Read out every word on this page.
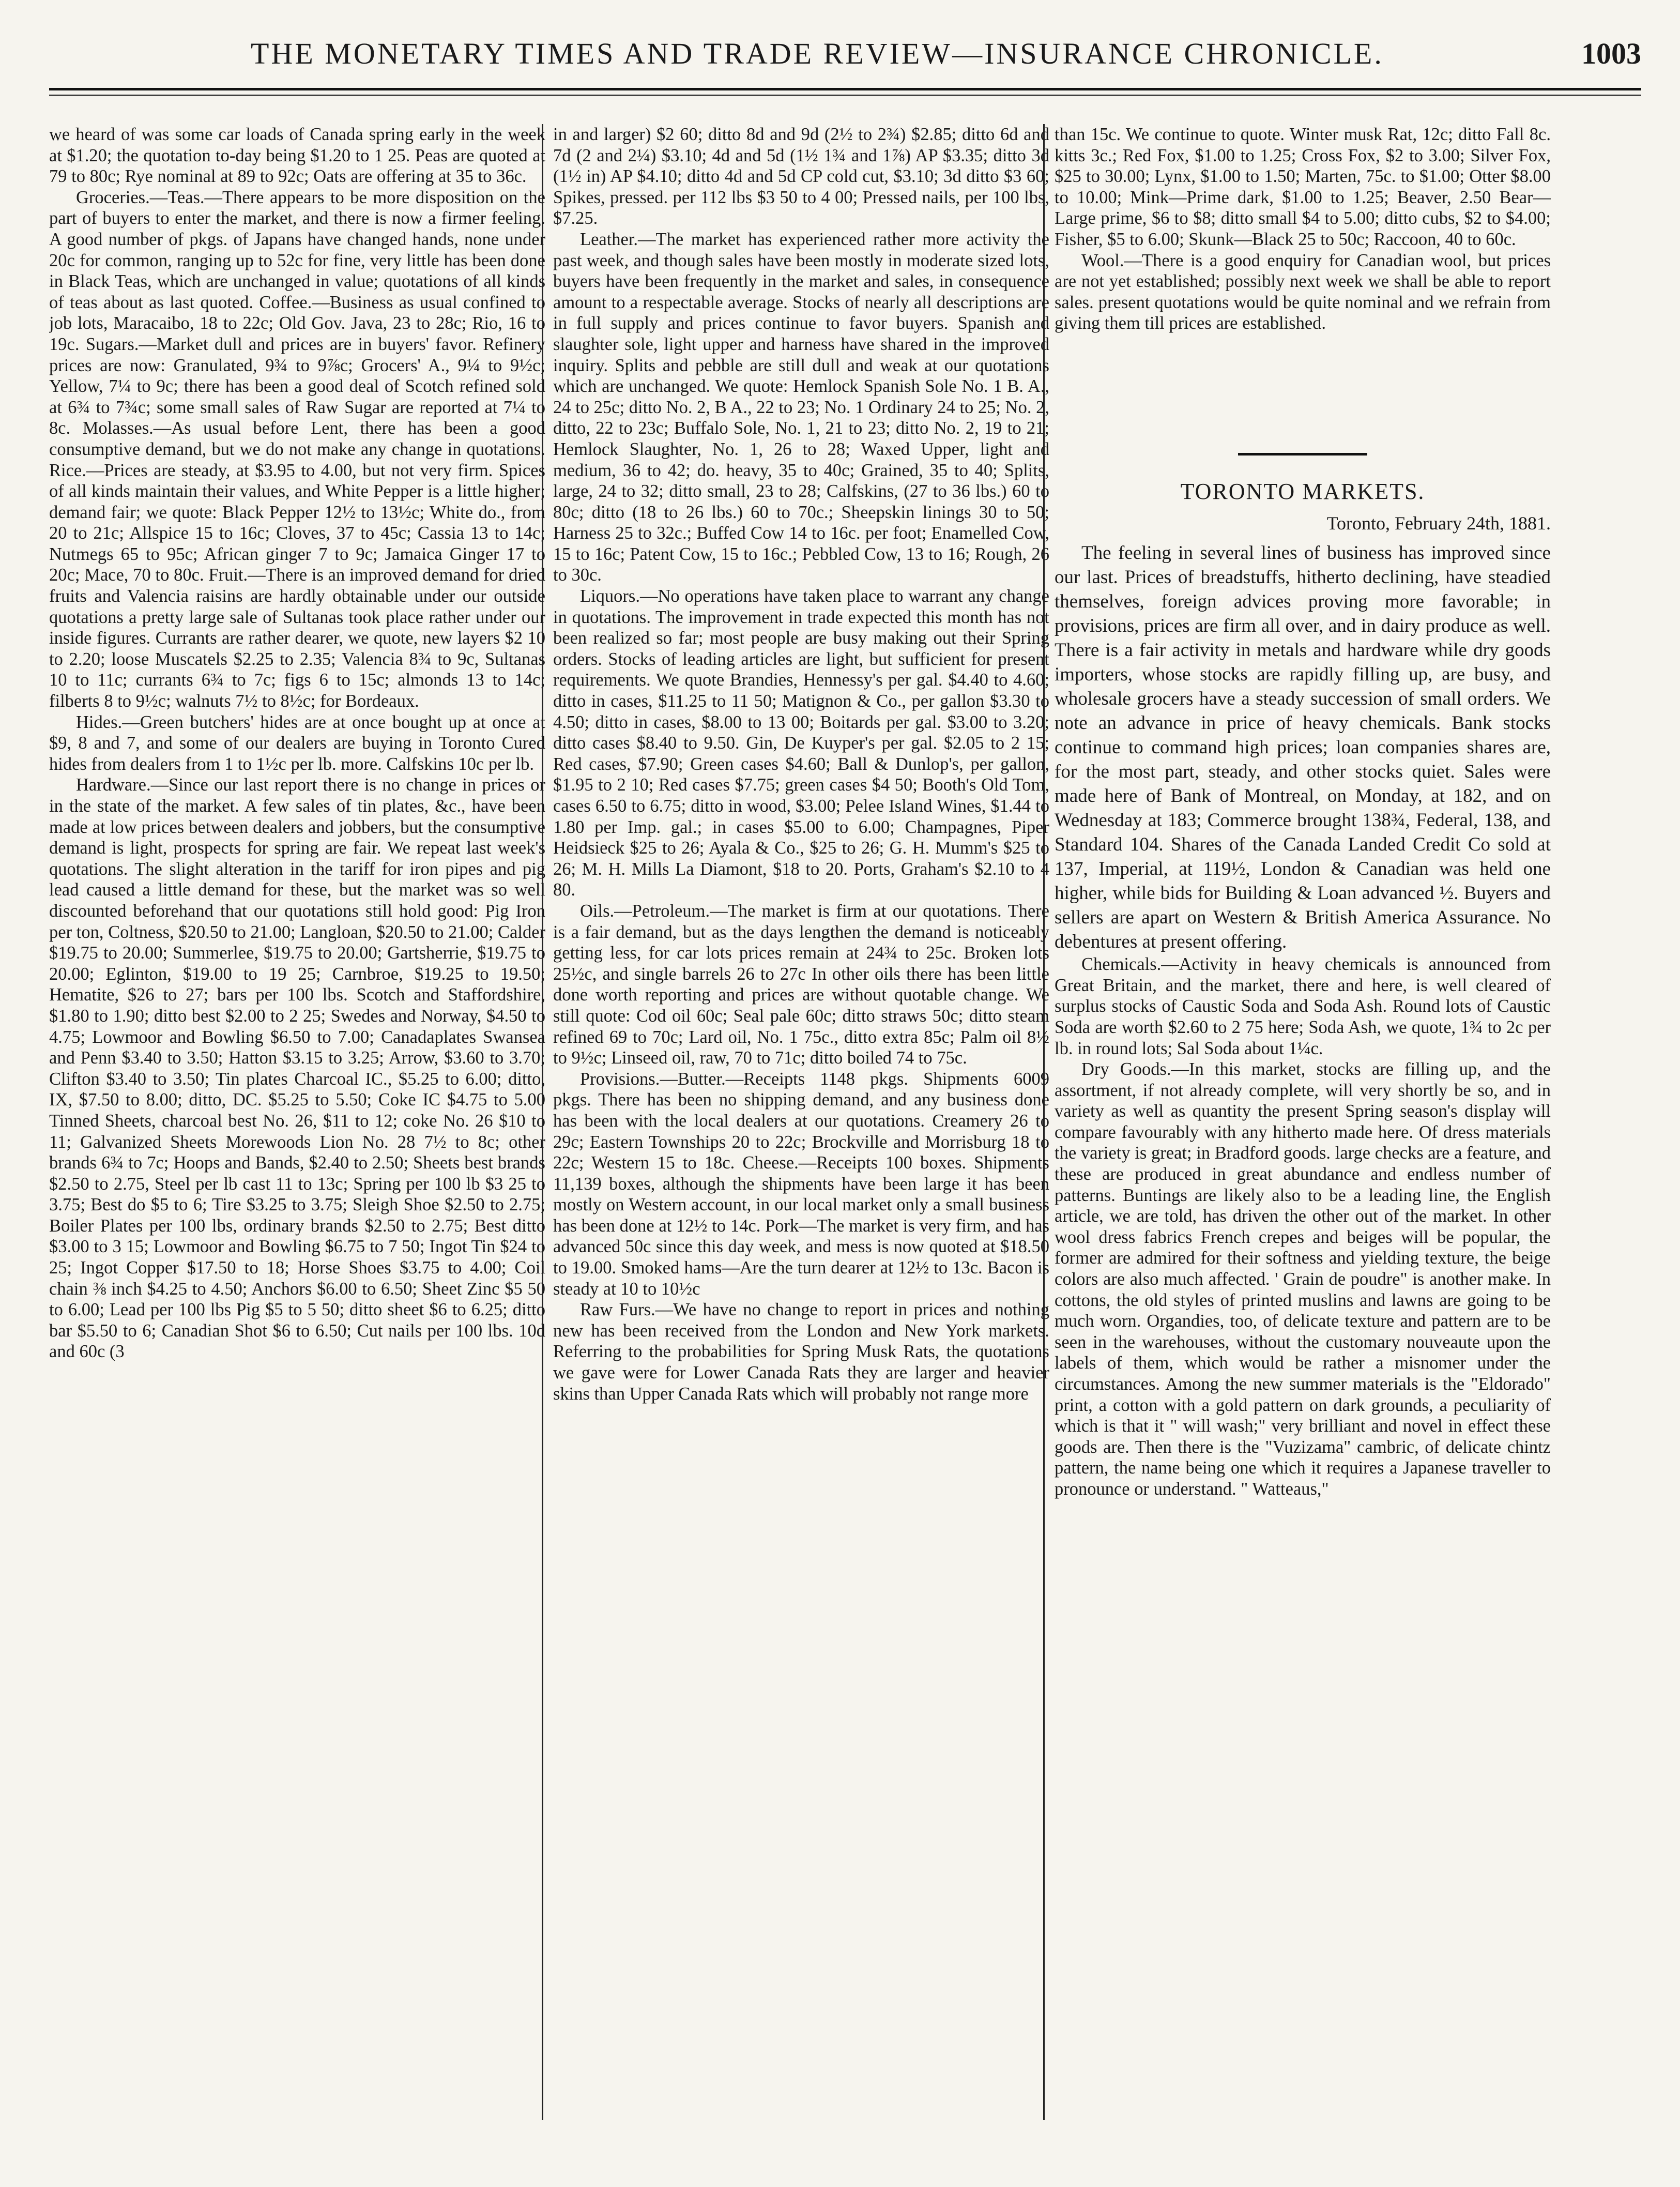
THE MONETARY TIMES AND TRADE REVIEW—INSURANCE CHRONICLE.	1003

we heard of was some car loads of Canada spring early in the week at $1.20; the quotation to-day being $1.20 to 1 25. Peas are quoted at 79 to 80c; Rye nominal at 89 to 92c; Oats are offering at 35 to 36c.

Groceries.—Teas.—There appears to be more disposition on the part of buyers to enter the market, and there is now a firmer feeling. A good number of pkgs. of Japans have changed hands, none under 20c for common, ranging up to 52c for fine, very little has been done in Black Teas, which are unchanged in value; quotations of all kinds of teas about as last quoted. Coffee.—Business as usual confined to job lots, Maracaibo, 18 to 22c; Old Gov. Java, 23 to 28c; Rio, 16 to 19c. Sugars.—Market dull and prices are in buyers' favor. Refinery prices are now: Granulated, 9¾ to 9⅞c; Grocers' A., 9¼ to 9½c; Yellow, 7¼ to 9c; there has been a good deal of Scotch refined sold at 6¾ to 7¾c; some small sales of Raw Sugar are reported at 7¼ to 8c. Molasses.—As usual before Lent, there has been a good consumptive demand, but we do not make any change in quotations. Rice.—Prices are steady, at $3.95 to 4.00, but not very firm. Spices of all kinds maintain their values, and White Pepper is a little higher; demand fair; we quote: Black Pepper 12½ to 13½c; White do., from 20 to 21c; Allspice 15 to 16c; Cloves, 37 to 45c; Cassia 13 to 14c; Nutmegs 65 to 95c; African ginger 7 to 9c; Jamaica Ginger 17 to 20c; Mace, 70 to 80c. Fruit.—There is an improved demand for dried fruits and Valencia raisins are hardly obtainable under our outside quotations a pretty large sale of Sultanas took place rather under our inside figures. Currants are rather dearer, we quote, new layers $2 10 to 2.20; loose Muscatels $2.25 to 2.35; Valencia 8¾ to 9c, Sultanas 10 to 11c; currants 6¾ to 7c; figs 6 to 15c; almonds 13 to 14c; filberts 8 to 9½c; walnuts 7½ to 8½c; for Bordeaux.

Hides.—Green butchers' hides are at once bought up at once at $9, 8 and 7, and some of our dealers are buying in Toronto Cured hides from dealers from 1 to 1½c per lb. more. Calfskins 10c per lb.

Hardware.—Since our last report there is no change in prices or in the state of the market. A few sales of tin plates, &c., have been made at low prices between dealers and jobbers, but the consumptive demand is light, prospects for spring are fair. We repeat last week's quotations. The slight alteration in the tariff for iron pipes and pig lead caused a little demand for these, but the market was so well discounted beforehand that our quotations still hold good: Pig Iron per ton, Coltness, $20.50 to 21.00; Langloan, $20.50 to 21.00; Calder $19.75 to 20.00; Summerlee, $19.75 to 20.00; Gartsherrie, $19.75 to 20.00; Eglinton, $19.00 to 19 25; Carnbroe, $19.25 to 19.50; Hematite, $26 to 27; bars per 100 lbs. Scotch and Staffordshire, $1.80 to 1.90; ditto best $2.00 to 2 25; Swedes and Norway, $4.50 to 4.75; Lowmoor and Bowling $6.50 to 7.00; Canadaplates Swansea and Penn $3.40 to 3.50; Hatton $3.15 to 3.25; Arrow, $3.60 to 3.70; Clifton $3.40 to 3.50; Tin plates Charcoal IC., $5.25 to 6.00; ditto, IX, $7.50 to 8.00; ditto, DC. $5.25 to 5.50; Coke IC $4.75 to 5.00 Tinned Sheets, charcoal best No. 26, $11 to 12; coke No. 26 $10 to 11; Galvanized Sheets Morewoods Lion No. 28 7½ to 8c; other brands 6¾ to 7c; Hoops and Bands, $2.40 to 2.50; Sheets best brands $2.50 to 2.75, Steel per lb cast 11 to 13c; Spring per 100 lb $3 25 to 3.75; Best do $5 to 6; Tire $3.25 to 3.75; Sleigh Shoe $2.50 to 2.75; Boiler Plates per 100 lbs, ordinary brands $2.50 to 2.75; Best ditto $3.00 to 3 15; Lowmoor and Bowling $6.75 to 7 50; Ingot Tin $24 to 25; Ingot Copper $17.50 to 18; Horse Shoes $3.75 to 4.00; Coil chain ⅜ inch $4.25 to 4.50; Anchors $6.00 to 6.50; Sheet Zinc $5 50 to 6.00; Lead per 100 lbs Pig $5 to 5 50; ditto sheet $6 to 6.25; ditto bar $5.50 to 6; Canadian Shot $6 to 6.50; Cut nails per 100 lbs. 10d and 60c (3

in and larger) $2 60; ditto 8d and 9d (2½ to 2¾) $2.85; ditto 6d and 7d (2 and 2¼) $3.10; 4d and 5d (1½ 1¾ and 1⅞) AP $3.35; ditto 3d (1½ in) AP $4.10; ditto 4d and 5d CP cold cut, $3.10; 3d ditto $3 60; Spikes, pressed. per 112 lbs $3 50 to 4 00; Pressed nails, per 100 lbs, $7.25.

Leather.—The market has experienced rather more activity the past week, and though sales have been mostly in moderate sized lots, buyers have been frequently in the market and sales, in consequence amount to a respectable average. Stocks of nearly all descriptions are in full supply and prices continue to favor buyers. Spanish and slaughter sole, light upper and harness have shared in the improved inquiry. Splits and pebble are still dull and weak at our quotations which are unchanged. We quote: Hemlock Spanish Sole No. 1 B. A., 24 to 25c; ditto No. 2, B A., 22 to 23; No. 1 Ordinary 24 to 25; No. 2, ditto, 22 to 23c; Buffalo Sole, No. 1, 21 to 23; ditto No. 2, 19 to 21; Hemlock Slaughter, No. 1, 26 to 28; Waxed Upper, light and medium, 36 to 42; do. heavy, 35 to 40c; Grained, 35 to 40; Splits, large, 24 to 32; ditto small, 23 to 28; Calfskins, (27 to 36 lbs.) 60 to 80c; ditto (18 to 26 lbs.) 60 to 70c.; Sheepskin linings 30 to 50; Harness 25 to 32c.; Buffed Cow 14 to 16c. per foot; Enamelled Cow, 15 to 16c; Patent Cow, 15 to 16c.; Pebbled Cow, 13 to 16; Rough, 26 to 30c.

Liquors.—No operations have taken place to warrant any change in quotations. The improvement in trade expected this month has not been realized so far; most people are busy making out their Spring orders. Stocks of leading articles are light, but sufficient for present requirements. We quote Brandies, Hennessy's per gal. $4.40 to 4.60; ditto in cases, $11.25 to 11 50; Matignon & Co., per gallon $3.30 to 4.50; ditto in cases, $8.00 to 13 00; Boitards per gal. $3.00 to 3.20; ditto cases $8.40 to 9.50. Gin, De Kuyper's per gal. $2.05 to 2 15; Red cases, $7.90; Green cases $4.60; Ball & Dunlop's, per gallon, $1.95 to 2 10; Red cases $7.75; green cases $4 50; Booth's Old Tom, cases 6.50 to 6.75; ditto in wood, $3.00; Pelee Island Wines, $1.44 to 1.80 per Imp. gal.; in cases $5.00 to 6.00; Champagnes, Piper Heidsieck $25 to 26; Ayala & Co., $25 to 26; G. H. Mumm's $25 to 26; M. H. Mills La Diamont, $18 to 20. Ports, Graham's $2.10 to 4 80.

Oils.—Petroleum.—The market is firm at our quotations. There is a fair demand, but as the days lengthen the demand is noticeably getting less, for car lots prices remain at 24¾ to 25c. Broken lots 25½c, and single barrels 26 to 27c In other oils there has been little done worth reporting and prices are without quotable change. We still quote: Cod oil 60c; Seal pale 60c; ditto straws 50c; ditto steam refined 69 to 70c; Lard oil, No. 1 75c., ditto extra 85c; Palm oil 8½ to 9½c; Linseed oil, raw, 70 to 71c; ditto boiled 74 to 75c.

Provisions.—Butter.—Receipts 1148 pkgs. Shipments 6009 pkgs. There has been no shipping demand, and any business done has been with the local dealers at our quotations. Creamery 26 to 29c; Eastern Townships 20 to 22c; Brockville and Morrisburg 18 to 22c; Western 15 to 18c. Cheese.—Receipts 100 boxes. Shipments 11,139 boxes, although the shipments have been large it has been mostly on Western account, in our local market only a small business has been done at 12½ to 14c. Pork—The market is very firm, and has advanced 50c since this day week, and mess is now quoted at $18.50 to 19.00. Smoked hams—Are the turn dearer at 12½ to 13c. Bacon is steady at 10 to 10½c

Raw Furs.—We have no change to report in prices and nothing new has been received from the London and New York markets. Referring to the probabilities for Spring Musk Rats, the quotations we gave were for Lower Canada Rats they are larger and heavier skins than Upper Canada Rats which will probably not range more

than 15c. We continue to quote. Winter musk Rat, 12c; ditto Fall 8c. kitts 3c.; Red Fox, $1.00 to 1.25; Cross Fox, $2 to 3.00; Silver Fox, $25 to 30.00; Lynx, $1.00 to 1.50; Marten, 75c. to $1.00; Otter $8.00 to 10.00; Mink—Prime dark, $1.00 to 1.25; Beaver, 2.50 Bear—Large prime, $6 to $8; ditto small $4 to 5.00; ditto cubs, $2 to $4.00; Fisher, $5 to 6.00; Skunk—Black 25 to 50c; Raccoon, 40 to 60c.

Wool.—There is a good enquiry for Canadian wool, but prices are not yet established; possibly next week we shall be able to report sales. present quotations would be quite nominal and we refrain from giving them till prices are established.

TORONTO MARKETS.
Toronto, February 24th, 1881.

The feeling in several lines of business has improved since our last. Prices of breadstuffs, hitherto declining, have steadied themselves, foreign advices proving more favorable; in provisions, prices are firm all over, and in dairy produce as well. There is a fair activity in metals and hardware while dry goods importers, whose stocks are rapidly filling up, are busy, and wholesale grocers have a steady succession of small orders. We note an advance in price of heavy chemicals. Bank stocks continue to command high prices; loan companies shares are, for the most part, steady, and other stocks quiet. Sales were made here of Bank of Montreal, on Monday, at 182, and on Wednesday at 183; Commerce brought 138¾, Federal, 138, and Standard 104. Shares of the Canada Landed Credit Co sold at 137, Imperial, at 119½, London & Canadian was held one higher, while bids for Building & Loan advanced ½. Buyers and sellers are apart on Western & British America Assurance. No debentures at present offering.

Chemicals.—Activity in heavy chemicals is announced from Great Britain, and the market, there and here, is well cleared of surplus stocks of Caustic Soda and Soda Ash. Round lots of Caustic Soda are worth $2.60 to 2 75 here; Soda Ash, we quote, 1¾ to 2c per lb. in round lots; Sal Soda about 1¼c.

Dry Goods.—In this market, stocks are filling up, and the assortment, if not already complete, will very shortly be so, and in variety as well as quantity the present Spring season's display will compare favourably with any hitherto made here. Of dress materials the variety is great; in Bradford goods. large checks are a feature, and these are produced in great abundance and endless number of patterns. Buntings are likely also to be a leading line, the English article, we are told, has driven the other out of the market. In other wool dress fabrics French crepes and beiges will be popular, the former are admired for their softness and yielding texture, the beige colors are also much affected. ' Grain de poudre" is another make. In cottons, the old styles of printed muslins and lawns are going to be much worn. Organdies, too, of delicate texture and pattern are to be seen in the warehouses, without the customary nouveaute upon the labels of them, which would be rather a misnomer under the circumstances. Among the new summer materials is the "Eldorado" print, a cotton with a gold pattern on dark grounds, a peculiarity of which is that it " will wash;" very brilliant and novel in effect these goods are. Then there is the "Vuzizama" cambric, of delicate chintz pattern, the name being one which it requires a Japanese traveller to pronounce or understand. " Watteaus,"
